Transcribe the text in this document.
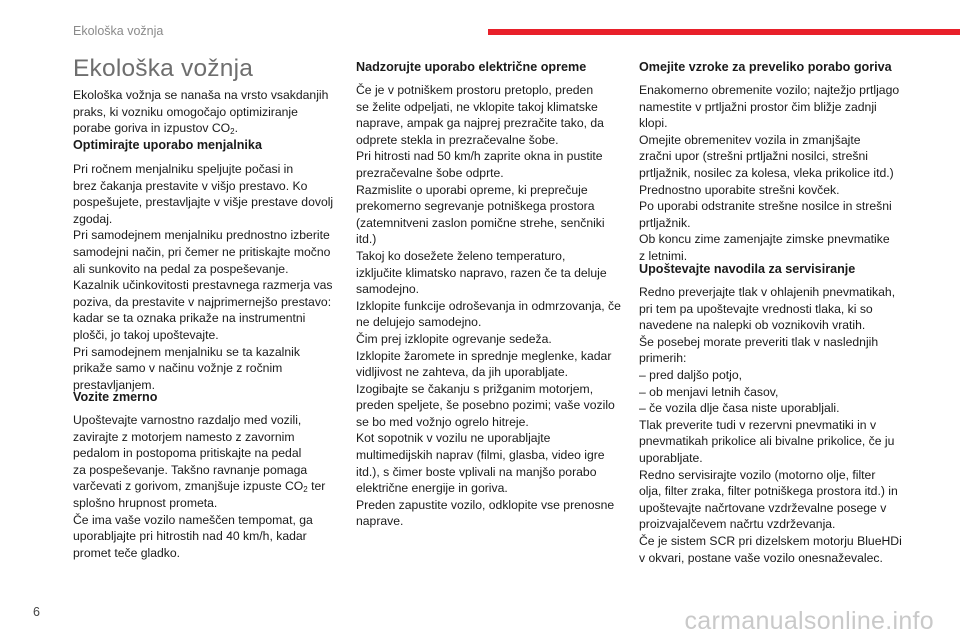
Ekološka vožnja
Ekološka vožnja
Ekološka vožnja se nanaša na vrsto vsakdanjih
praks, ki vozniku omogočajo optimiziranje
porabe goriva in izpustov $CO_2$.
Optimirajte uporabo menjalnika
Pri ročnem menjalniku speljujte počasi in
brez čakanja prestavite v višjo prestavo. Ko
pospešujete, prestavljajte v višje prestave dovolj
zgodaj.
Pri samodejnem menjalniku prednostno izberite
samodejni način, pri čemer ne pritiskajte močno
ali sunkovito na pedal za pospeševanje.
Kazalnik učinkovitosti prestavnega razmerja vas
poziva, da prestavite v najprimernejšo prestavo:
kadar se ta oznaka prikaže na instrumentni
plošči, jo takoj upoštevajte.
Pri samodejnem menjalniku se ta kazalnik
prikaže samo v načinu vožnje z ročnim
prestavljanjem.
Vozite zmerno
Upoštevajte varnostno razdaljo med vozili,
zavirajte z motorjem namesto z zavornim
pedalom in postopoma pritiskajte na pedal
za pospeševanje. Takšno ravnanje pomaga
varčevati z gorivom, zmanjšuje izpuste $CO_2$ ter
splošno hrupnost prometa.
Če ima vaše vozilo nameščen tempomat, ga
uporabljajte pri hitrostih nad 40 km/h, kadar
promet teče gladko.
Nadzorujte uporabo električne opreme
Če je v potniškem prostoru pretoplo, preden
se želite odpeljati, ne vklopite takoj klimatske
naprave, ampak ga najprej prezračite tako, da
odprete stekla in prezračevalne šobe.
Pri hitrosti nad 50 km/h zaprite okna in pustite
prezračevalne šobe odprte.
Razmislite o uporabi opreme, ki preprečuje
prekomerno segrevanje potniškega prostora
(zatemnitveni zaslon pomične strehe, senčniki
itd.)
Takoj ko dosežete želeno temperaturo,
izključite klimatsko napravo, razen če ta deluje
samodejno.
Izklopite funkcije odroševanja in odmrzovanja, če
ne delujejo samodejno.
Čim prej izklopite ogrevanje sedeža.
Izklopite žaromete in sprednje meglenke, kadar
vidljivost ne zahteva, da jih uporabljate.
Izogibajte se čakanju s prižganim motorjem,
preden speljete, še posebno pozimi; vaše vozilo
se bo med vožnjo ogrelo hitreje.
Kot sopotnik v vozilu ne uporabljajte
multimedijskih naprav (filmi, glasba, video igre
itd.), s čimer boste vplivali na manjšo porabo
električne energije in goriva.
Preden zapustite vozilo, odklopite vse prenosne
naprave.
Omejite vzroke za preveliko porabo goriva
Enakomerno obremenite vozilo; najtežjo prtljago
namestite v prtljažni prostor čim bližje zadnji
klopi.
Omejite obremenitev vozila in zmanjšajte
zračni upor (strešni prtljažni nosilci, strešni
prtljažnik, nosilec za kolesa, vleka prikolice itd.)
Prednostno uporabite strešni kovček.
Po uporabi odstranite strešne nosilce in strešni
prtljažnik.
Ob koncu zime zamenjajte zimske pnevmatike
z letnimi.
Upoštevajte navodila za servisiranje
Redno preverjajte tlak v ohlajenih pnevmatikah,
pri tem pa upoštevajte vrednosti tlaka, ki so
navedene na nalepki ob voznikovih vratih.
Še posebej morate preveriti tlak v naslednjih
primerih:
– pred daljšo potjo,
– ob menjavi letnih časov,
– če vozila dlje časa niste uporabljali.
Tlak preverite tudi v rezervni pnevmatiki in v
pnevmatikah prikolice ali bivalne prikolice, če ju
uporabljate.
Redno servisirajte vozilo (motorno olje, filter
olja, filter zraka, filter potniškega prostora itd.) in
upoštevajte načrtovane vzdrževalne posege v
proizvajalčevem načrtu vzdrževanja.
Če je sistem SCR pri dizelskem motorju BlueHDi
v okvari, postane vaše vozilo onesnaževalec.
6	carmanualsonline.info
